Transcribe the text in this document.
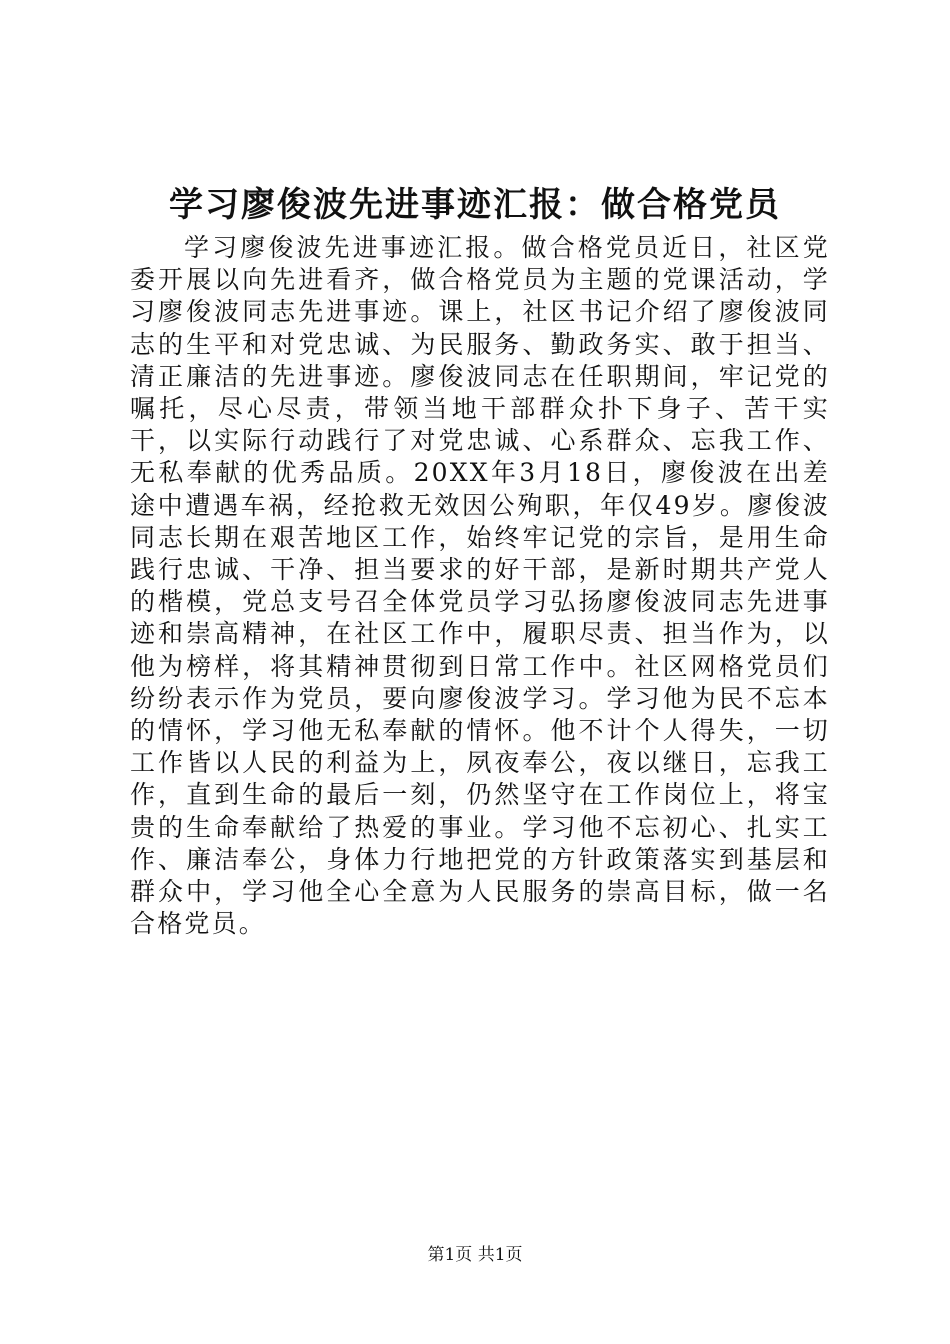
学习廖俊波先进事迹汇报：做合格党员

学习廖俊波先进事迹汇报。做合格党员近日，社区党委开展以向先进看齐，做合格党员为主题的党课活动，学习廖俊波同志先进事迹。课上，社区书记介绍了廖俊波同志的生平和对党忠诚、为民服务、勤政务实、敢于担当、清正廉洁的先进事迹。廖俊波同志在任职期间，牢记党的嘱托，尽心尽责，带领当地干部群众扑下身子、苦干实干，以实际行动践行了对党忠诚、心系群众、忘我工作、无私奉献的优秀品质。20XX年3月18日，廖俊波在出差途中遭遇车祸，经抢救无效因公殉职，年仅49岁。廖俊波同志长期在艰苦地区工作，始终牢记党的宗旨，是用生命践行忠诚、干净、担当要求的好干部，是新时期共产党人的楷模，党总支号召全体党员学习弘扬廖俊波同志先进事迹和崇高精神，在社区工作中，履职尽责、担当作为，以他为榜样，将其精神贯彻到日常工作中。社区网格党员们纷纷表示作为党员，要向廖俊波学习。学习他为民不忘本的情怀，学习他无私奉献的情怀。他不计个人得失，一切工作皆以人民的利益为上，夙夜奉公，夜以继日，忘我工作，直到生命的最后一刻，仍然坚守在工作岗位上，将宝贵的生命奉献给了热爱的事业。学习他不忘初心、扎实工作、廉洁奉公，身体力行地把党的方针政策落实到基层和群众中，学习他全心全意为人民服务的崇高目标，做一名合格党员。

第1页 共1页
